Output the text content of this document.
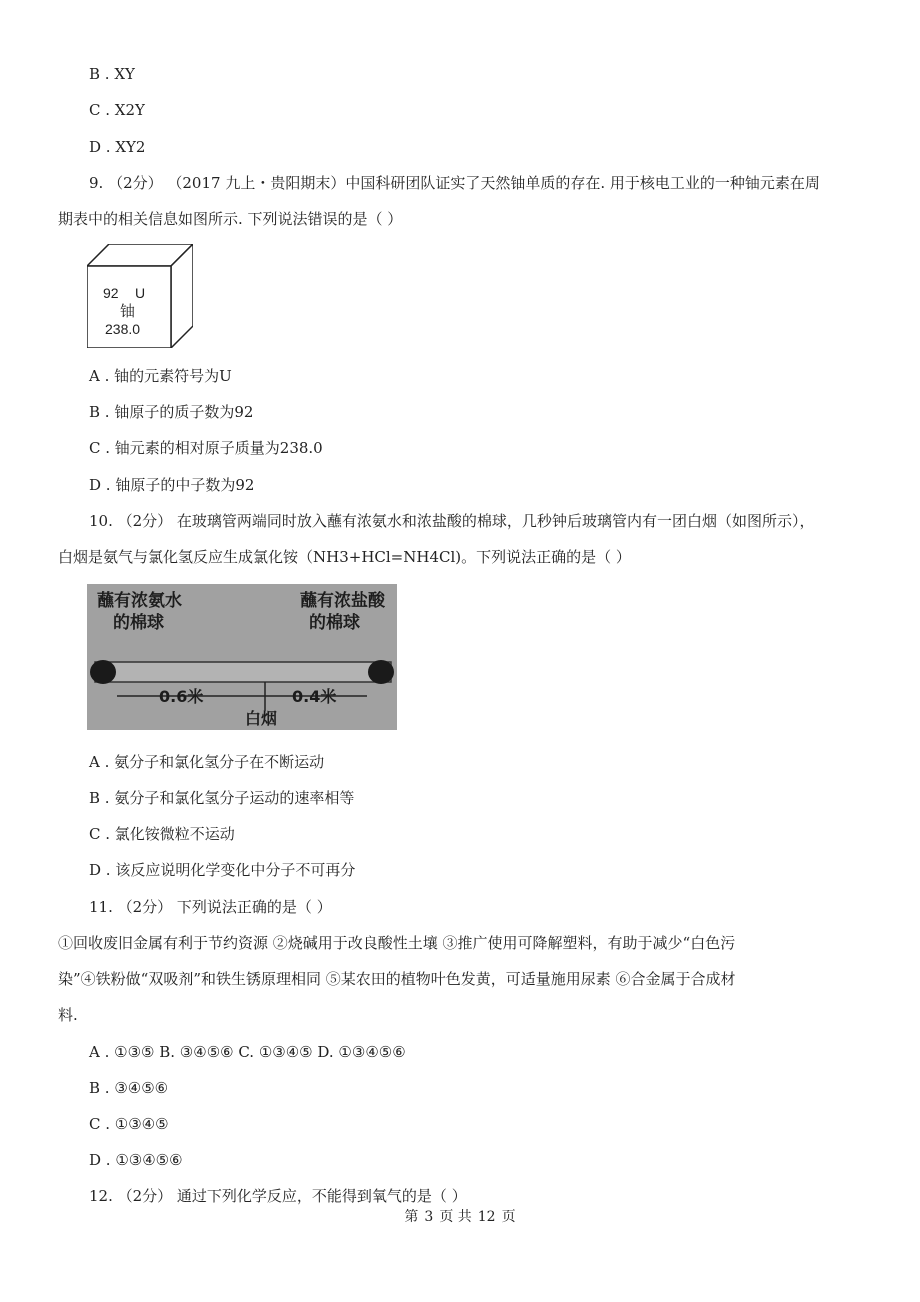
B . XY
C . X2Y
D . XY2
9. （2分） （2017 九上・贵阳期末）中国科研团队证实了天然铀单质的存在. 用于核电工业的一种铀元素在周
期表中的相关信息如图所示. 下列说法错误的是（ ）
92 U
铀
238.0
A . 铀的元素符号为U
B . 铀原子的质子数为92
C . 铀元素的相对原子质量为238.0
D . 铀原子的中子数为92
10. （2分） 在玻璃管两端同时放入蘸有浓氨水和浓盐酸的棉球，几秒钟后玻璃管内有一团白烟（如图所示），
白烟是氨气与氯化氢反应生成氯化铵（NH3+HCl=NH4Cl)。下列说法正确的是（ ）
蘸有浓氨水
的棉球
蘸有浓盐酸
的棉球
0.6米	0.4米
白烟
A . 氨分子和氯化氢分子在不断运动
B . 氨分子和氯化氢分子运动的速率相等
C . 氯化铵微粒不运动
D . 该反应说明化学变化中分子不可再分
11. （2分） 下列说法正确的是（ ）
①回收废旧金属有利于节约资源 ②烧碱用于改良酸性土壤 ③推广使用可降解塑料，有助于减少“白色污
染”④铁粉做“双吸剂”和铁生锈原理相同 ⑤某农田的植物叶色发黄，可适量施用尿素 ⑥合金属于合成材
料.
A . ①③⑤ B. ③④⑤⑥ C. ①③④⑤ D. ①③④⑤⑥
B . ③④⑤⑥
C . ①③④⑤
D . ①③④⑤⑥
12. （2分） 通过下列化学反应，不能得到氧气的是（ ）
第 3 页 共 12 页
